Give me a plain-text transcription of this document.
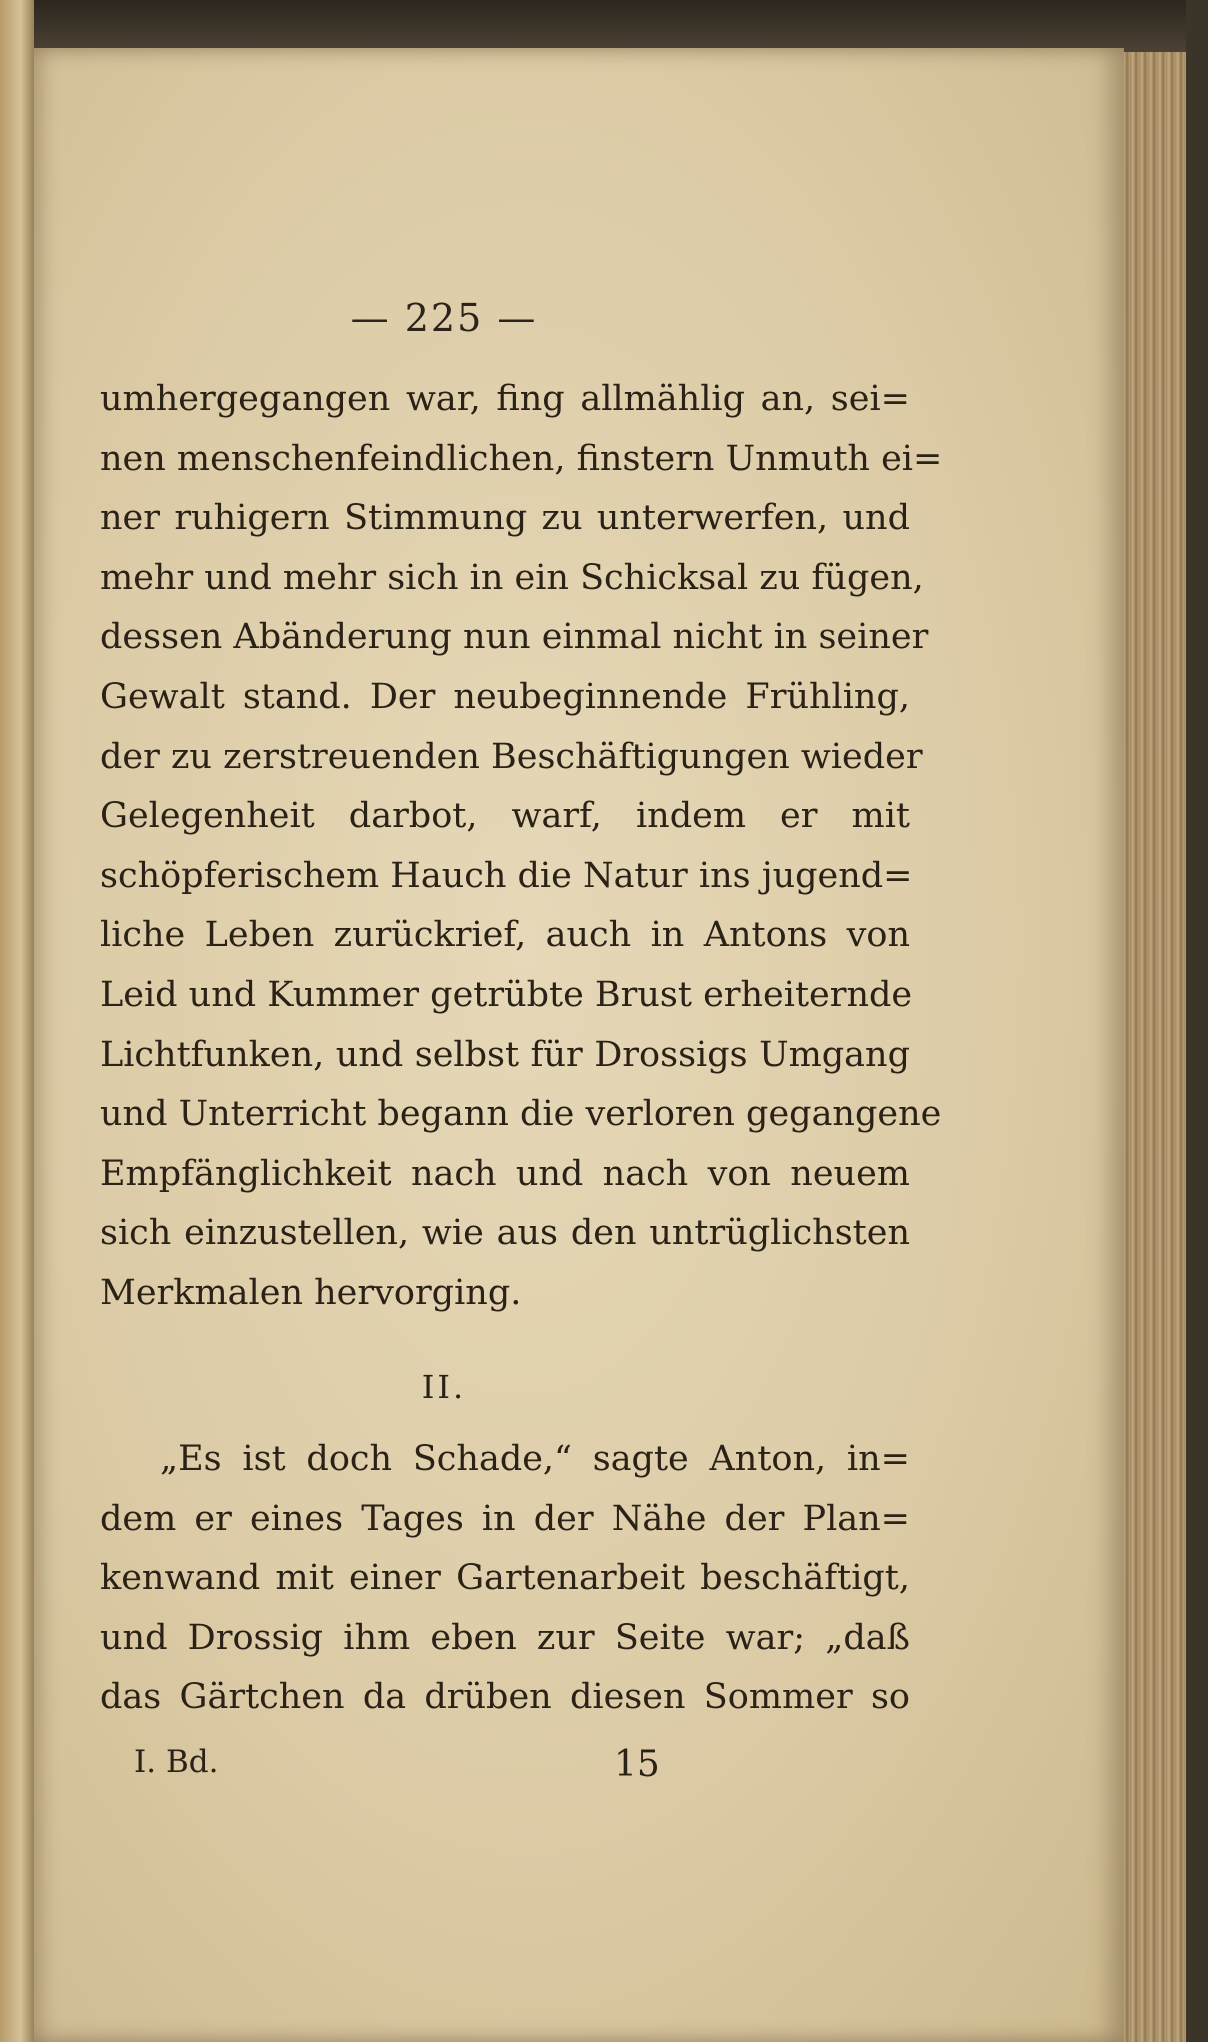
— 225 —
umhergegangen war, fing allmählig an, sei=
nen menschenfeindlichen, finstern Unmuth ei=
ner ruhigern Stimmung zu unterwerfen, und
mehr und mehr sich in ein Schicksal zu fügen,
dessen Abänderung nun einmal nicht in seiner
Gewalt stand. Der neubeginnende Frühling,
der zu zerstreuenden Beschäftigungen wieder
Gelegenheit darbot, warf, indem er mit
schöpferischem Hauch die Natur ins jugend=
liche Leben zurückrief, auch in Antons von
Leid und Kummer getrübte Brust erheiternde
Lichtfunken, und selbst für Drossigs Umgang
und Unterricht begann die verloren gegangene
Empfänglichkeit nach und nach von neuem
sich einzustellen, wie aus den untrüglichsten
Merkmalen hervorging.
II.
„Es ist doch Schade,“ sagte Anton, in=
dem er eines Tages in der Nähe der Plan=
kenwand mit einer Gartenarbeit beschäftigt,
und Drossig ihm eben zur Seite war; „daß
das Gärtchen da drüben diesen Sommer so
I. Bd.	15
